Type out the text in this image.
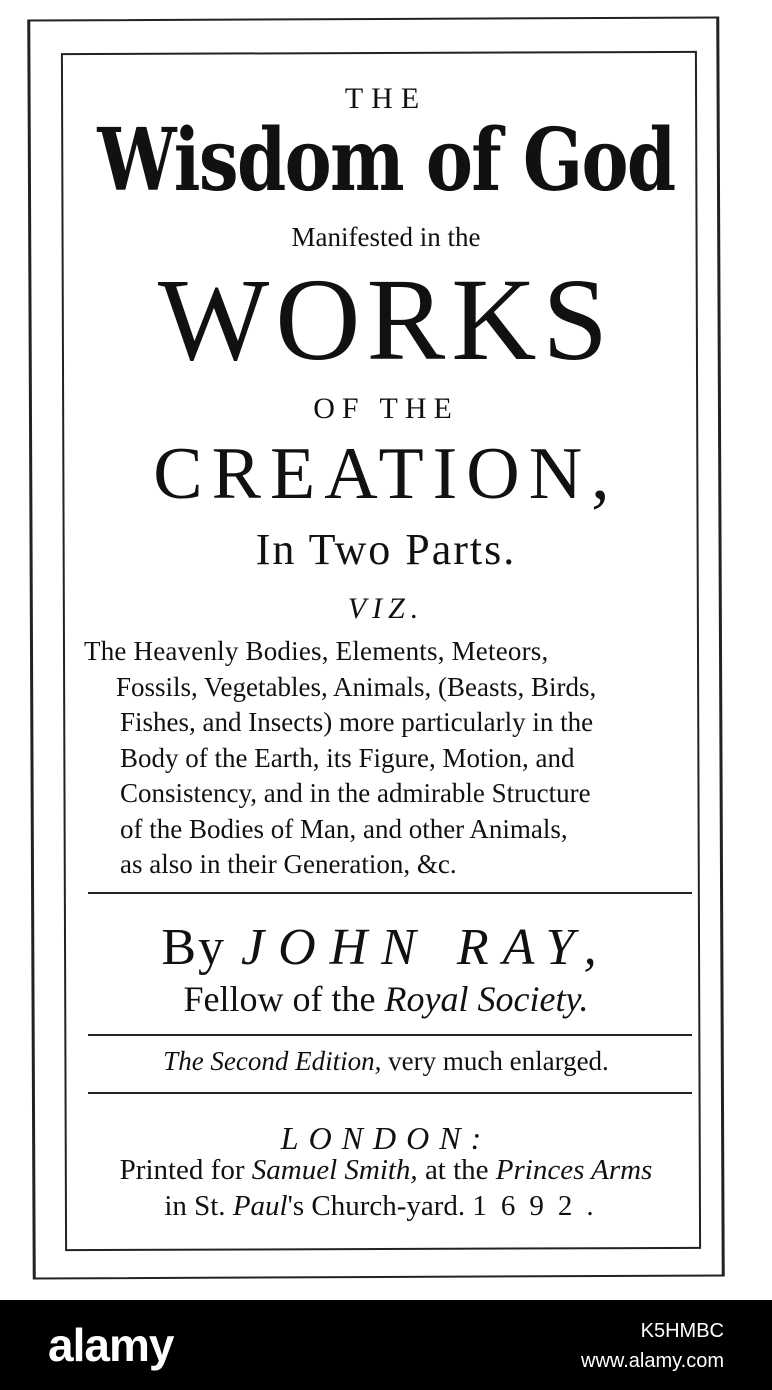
THE
Wisdom of God
Manifested in the
WORKS
OF THE
CREATION,
In Two Parts.
VIZ.
The Heavenly Bodies, Elements, Meteors,
Fossils, Vegetables, Animals, (Beasts, Birds,
Fishes, and Insects) more particularly in the
Body of the Earth, its Figure, Motion, and
Consistency, and in the admirable Structure
of the Bodies of Man, and other Animals,
as also in their Generation, &c.
By JOHN RAY,
Fellow of the Royal Society.
The Second Edition, very much enlarged.
LONDON:
Printed for Samuel Smith, at the Princes Arms
in St. Paul's Church-yard. 1692.
alamy	K5HMBC
www.alamy.com
